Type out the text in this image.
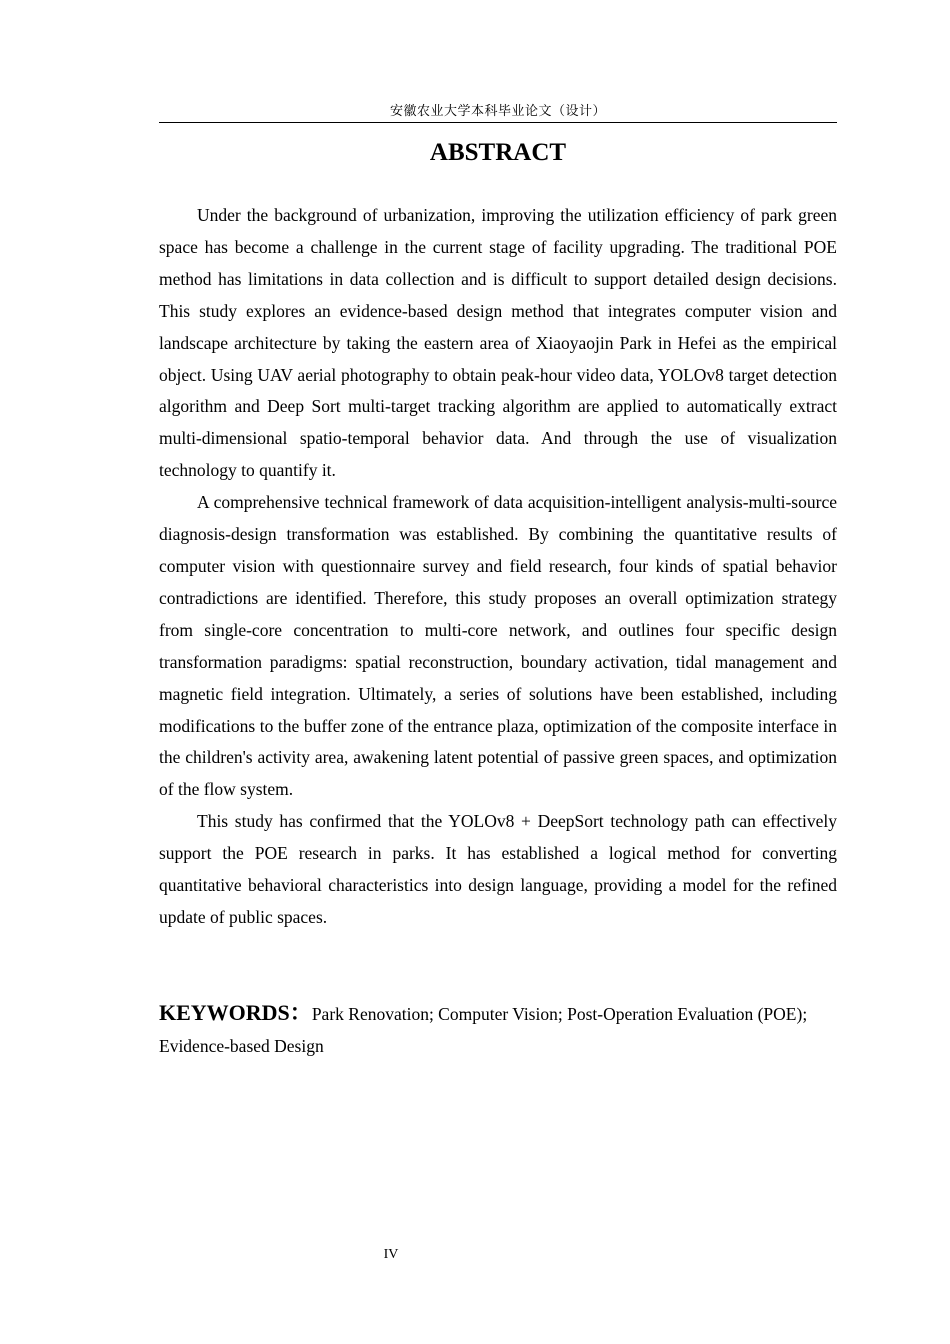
安徽农业大学本科毕业论文（设计）
ABSTRACT

Under the background of urbanization, improving the utilization efficiency of park green space has become a challenge in the current stage of facility upgrading. The traditional POE method has limitations in data collection and is difficult to support detailed design decisions. This study explores an evidence-based design method that integrates computer vision and landscape architecture by taking the eastern area of Xiaoyaojin Park in Hefei as the empirical object. Using UAV aerial photography to obtain peak-hour video data, YOLOv8 target detection algorithm and Deep Sort multi-target tracking algorithm are applied to automatically extract multi-dimensional spatio-temporal behavior data. And through the use of visualization technology to quantify it.

A comprehensive technical framework of data acquisition-intelligent analysis-multi-source diagnosis-design transformation was established. By combining the quantitative results of computer vision with questionnaire survey and field research, four kinds of spatial behavior contradictions are identified. Therefore, this study proposes an overall optimization strategy from single-core concentration to multi-core network, and outlines four specific design transformation paradigms: spatial reconstruction, boundary activation, tidal management and magnetic field integration. Ultimately, a series of solutions have been established, including modifications to the buffer zone of the entrance plaza, optimization of the composite interface in the children's activity area, awakening latent potential of passive green spaces, and optimization of the flow system.

This study has confirmed that the YOLOv8 + DeepSort technology path can effectively support the POE research in parks. It has established a logical method for converting quantitative behavioral characteristics into design language, providing a model for the refined update of public spaces.

KEYWORDS：Park Renovation; Computer Vision; Post-Operation Evaluation (POE); Evidence-based Design

IV
